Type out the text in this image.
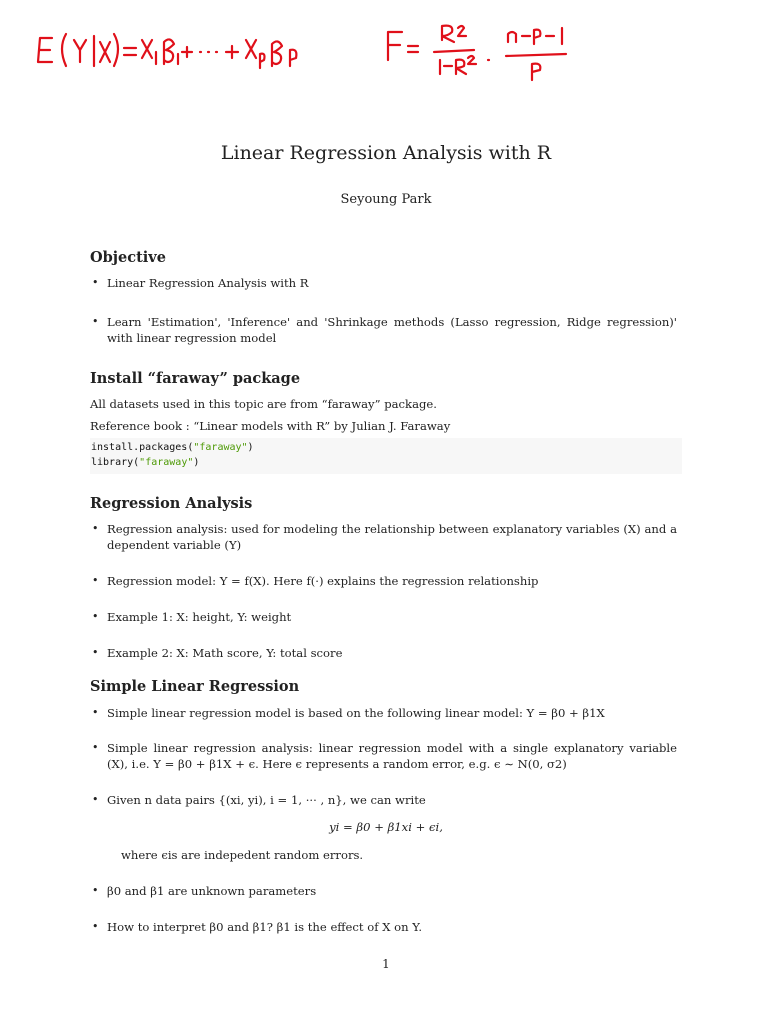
Linear Regression Analysis with R
Seyoung Park
Objective
• Linear Regression Analysis with R
• Learn 'Estimation', 'Inference' and 'Shrinkage methods (Lasso regression, Ridge regression)' with linear regression model
Install “faraway” package
All datasets used in this topic are from “faraway” package.
Reference book : “Linear models with R” by Julian J. Faraway
install.packages("faraway")
library("faraway")
Regression Analysis
• Regression analysis: used for modeling the relationship between explanatory variables (X) and a dependent variable (Y)
• Regression model: Y = f(X). Here f(·) explains the regression relationship
• Example 1: X: height, Y: weight
• Example 2: X: Math score, Y: total score
Simple Linear Regression
• Simple linear regression model is based on the following linear model: Y = β0 + β1X
• Simple linear regression analysis: linear regression model with a single explanatory variable (X), i.e. Y = β0 + β1X + ϵ. Here ϵ represents a random error, e.g. ϵ ∼ N(0, σ2)
• Given n data pairs {(xi, yi), i = 1, ··· , n}, we can write
yi = β0 + β1xi + ϵi,
where ϵis are indepedent random errors.
• β0 and β1 are unknown parameters
• How to interpret β0 and β1? β1 is the effect of X on Y.
1
